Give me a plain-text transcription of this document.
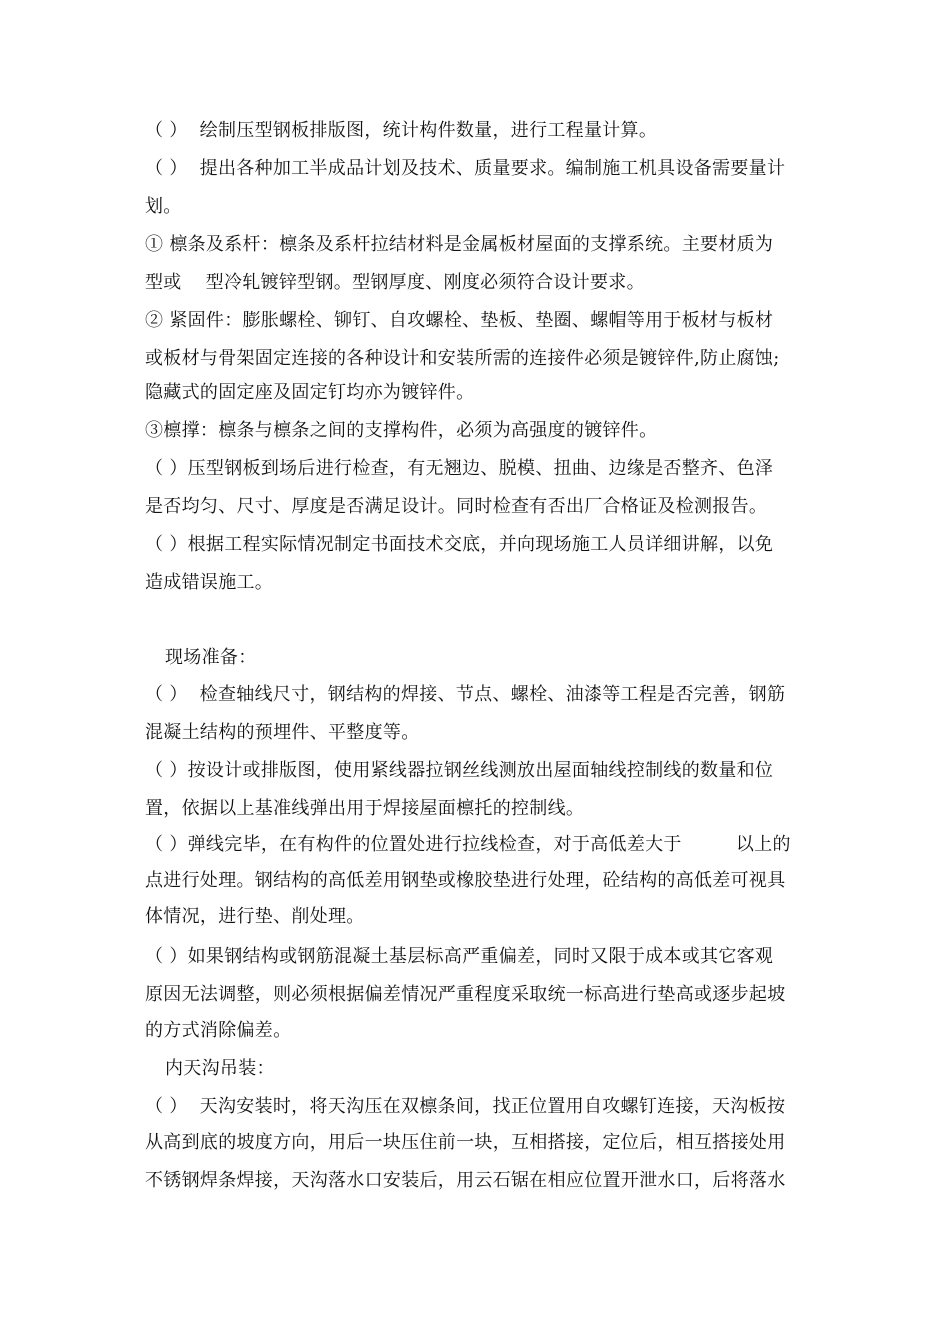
（ ）  绘制压型钢板排版图，统计构件数量，进行工程量计算。
（ ）  提出各种加工半成品计划及技术、质量要求。编制施工机具设备需要量计
划。
① 檩条及系杆：檩条及系杆拉结材料是金属板材屋面的支撑系统。主要材质为
型或    型冷轧镀锌型钢。型钢厚度、刚度必须符合设计要求。
② 紧固件：膨胀螺栓、铆钉、自攻螺栓、垫板、垫圈、螺帽等用于板材与板材
或板材与骨架固定连接的各种设计和安装所需的连接件必须是镀锌件,防止腐蚀;
隐藏式的固定座及固定钉均亦为镀锌件。
③檩撑：檩条与檩条之间的支撑构件，必须为高强度的镀锌件。
（ ）压型钢板到场后进行检查，有无翘边、脱模、扭曲、边缘是否整齐、色泽
是否均匀、尺寸、厚度是否满足设计。同时检查有否出厂合格证及检测报告。
（ ）根据工程实际情况制定书面技术交底，并向现场施工人员详细讲解，以免
造成错误施工。
现场准备：
（ ）  检查轴线尺寸，钢结构的焊接、节点、螺栓、油漆等工程是否完善，钢筋
混凝土结构的预埋件、平整度等。
（ ）按设计或排版图，使用紧线器拉钢丝线测放出屋面轴线控制线的数量和位
置，依据以上基准线弹出用于焊接屋面檩托的控制线。
（ ）弹线完毕，在有构件的位置处进行拉线检查，对于高低差大于         以上的
点进行处理。钢结构的高低差用钢垫或橡胶垫进行处理，砼结构的高低差可视具
体情况，进行垫、削处理。
（ ）如果钢结构或钢筋混凝土基层标高严重偏差，同时又限于成本或其它客观
原因无法调整，则必须根据偏差情况严重程度采取统一标高进行垫高或逐步起坡
的方式消除偏差。
内天沟吊装：
（ ）  天沟安装时，将天沟压在双檩条间，找正位置用自攻螺钉连接，天沟板按
从高到底的坡度方向，用后一块压住前一块，互相搭接，定位后，相互搭接处用
不锈钢焊条焊接，天沟落水口安装后，用云石锯在相应位置开泄水口，后将落水
